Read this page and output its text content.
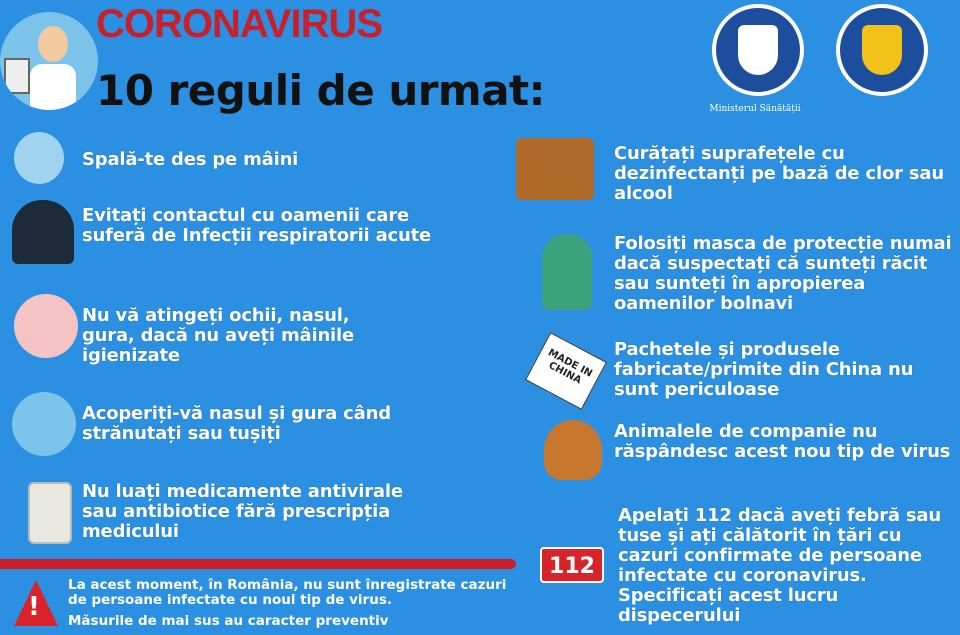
CORONAVIRUS
10 reguli de urmat:	Ministerul Sănătății
Spală-te des pe mâini
Evitați contactul cu oamenii care suferă de Infecții respiratorii acute
Nu vă atingeți ochii, nasul, gura, dacă nu aveți mâinile igienizate
Acoperiți-vă nasul și gura când strănutați sau tușiți
Nu luați medicamente antivirale sau antibiotice fără prescripția medicului
!
La acest moment, în România, nu sunt înregistrate cazuri de persoane infectate cu noul tip de virus.
Măsurile de mai sus au caracter preventiv
Curățați suprafețele cu dezinfectanți pe bază de clor sau alcool
Folosiți masca de protecție numai dacă suspectați că sunteți răcit sau sunteți în apropierea oamenilor bolnavi
MADE IN CHINA
Pachetele și produsele fabricate/primite din China nu sunt periculoase
Animalele de companie nu răspândesc acest nou tip de virus
112
Apelați 112 dacă aveți febră sau tuse și ați călătorit în țări cu cazuri confirmate de persoane infectate cu coronavirus. Specificați acest lucru dispecerului
